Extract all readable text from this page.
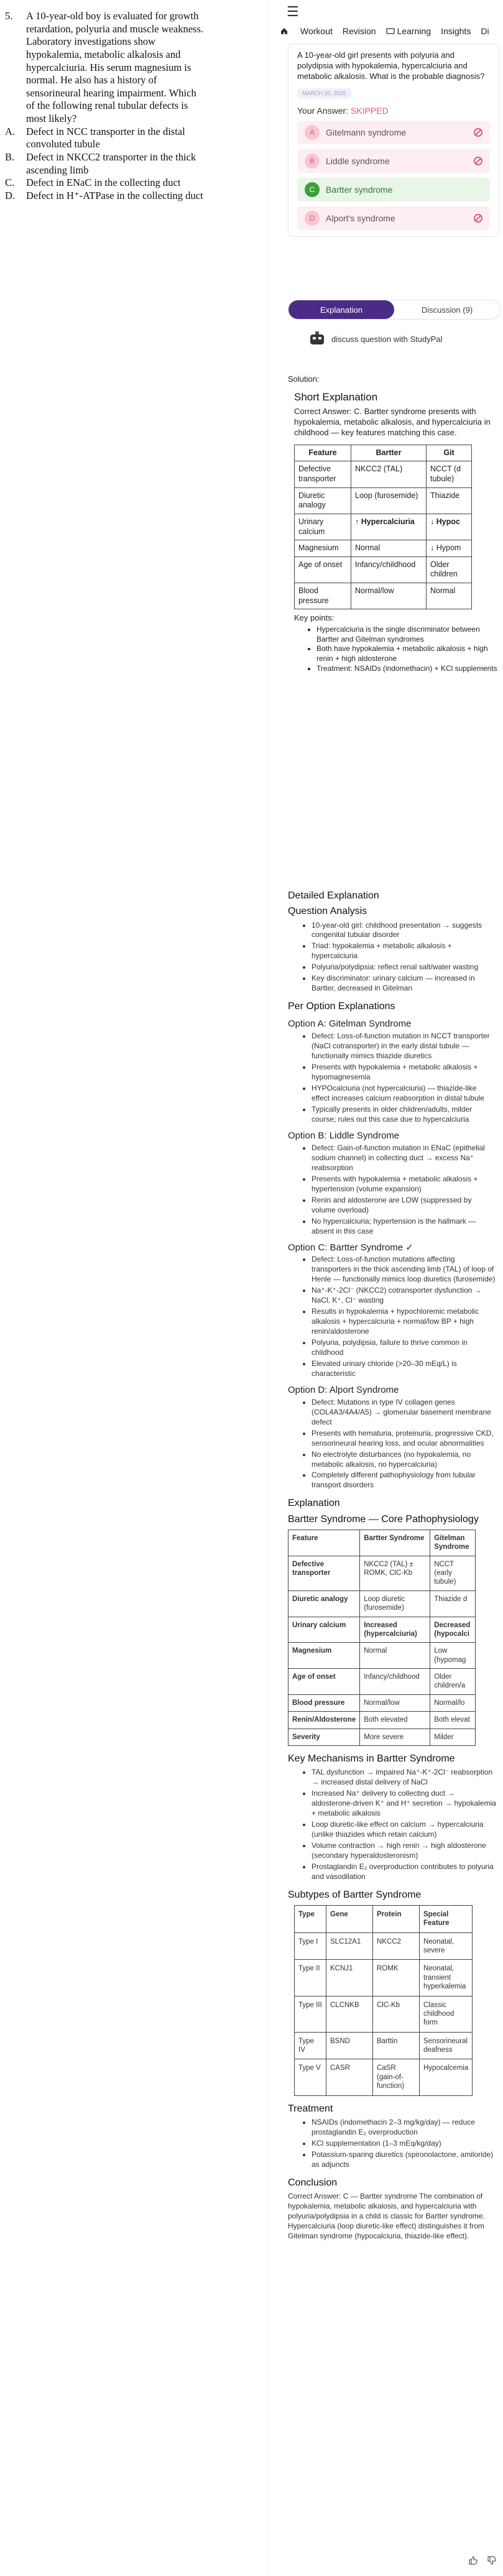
5.	A 10-year-old boy is evaluated for growth retardation, polyuria and muscle weakness. Laboratory investigations show hypokalemia, metabolic alkalosis and hypercalciuria. His serum magnesium is normal. He also has a history of sensorineural hearing impairment. Which of the following renal tubular defects is most likely?
A.	Defect in NCC transporter in the distal convoluted tubule
B.	Defect in NKCC2 transporter in the thick ascending limb
C.	Defect in ENaC in the collecting duct
D.	Defect in H⁺-ATPase in the collecting duct
☰
Workout	Revision	Learning	Insights	Di
A 10-year-old girl presents with polyuria and polydipsia with hypokalemia, hypercalciuria and metabolic alkalosis. What is the probable diagnosis?
MARCH 20, 2025
Your Answer: SKIPPED
A	Gitelmann syndrome
B	Liddle syndrome
C	Bartter syndrome
D	Alport's syndrome
Explanation	Discussion (9)
discuss question with StudyPal
Solution:
Short Explanation
Correct Answer: C. Bartter syndrome presents with hypokalemia, metabolic alkalosis, and hypercalciuria in childhood — key features matching this case.
Feature	Bartter	Git
Defective transporter	NKCC2 (TAL)	NCCT (d tubule)
Diuretic analogy	Loop (furosemide)	Thiazide
Urinary calcium	↑ Hypercalciuria	↓ Hypoc
Magnesium	Normal	↓ Hypom
Age of onset	Infancy/childhood	Older children
Blood pressure	Normal/low	Normal
Key points:
• Hypercalciuria is the single discriminator between Bartter and Gitelman syndromes
• Both have hypokalemia + metabolic alkalosis + high renin + high aldosterone
• Treatment: NSAIDs (indomethacin) + KCl supplements
Detailed Explanation
Question Analysis
• 10-year-old girl: childhood presentation → suggests congenital tubular disorder
• Triad: hypokalemia + metabolic alkalosis + hypercalciuria
• Polyuria/polydipsia: reflect renal salt/water wasting
• Key discriminator: urinary calcium — increased in Bartter, decreased in Gitelman
Per Option Explanations
Option A: Gitelman Syndrome
• Defect: Loss-of-function mutation in NCCT transporter (NaCl cotransporter) in the early distal tubule — functionally mimics thiazide diuretics
• Presents with hypokalemia + metabolic alkalosis + hypomagnesemia
• HYPOcalciuria (not hypercalciuria) — thiazide-like effect increases calcium reabsorption in distal tubule
• Typically presents in older children/adults, milder course; rules out this case due to hypercalciuria
Option B: Liddle Syndrome
• Defect: Gain-of-function mutation in ENaC (epithelial sodium channel) in collecting duct → excess Na⁺ reabsorption
• Presents with hypokalemia + metabolic alkalosis + hypertension (volume expansion)
• Renin and aldosterone are LOW (suppressed by volume overload)
• No hypercalciuria; hypertension is the hallmark — absent in this case
Option C: Bartter Syndrome ✓
• Defect: Loss-of-function mutations affecting transporters in the thick ascending limb (TAL) of loop of Henle — functionally mimics loop diuretics (furosemide)
• Na⁺-K⁺-2Cl⁻ (NKCC2) cotransporter dysfunction → NaCl, K⁺, Cl⁻ wasting
• Results in hypokalemia + hypochloremic metabolic alkalosis + hypercalciuria + normal/low BP + high renin/aldosterone
• Polyuria, polydipsia, failure to thrive common in childhood
• Elevated urinary chloride (>20–30 mEq/L) is characteristic
Option D: Alport Syndrome
• Defect: Mutations in type IV collagen genes (COL4A3/4A4/A5) → glomerular basement membrane defect
• Presents with hematuria, proteinuria, progressive CKD, sensorineural hearing loss, and ocular abnormalities
• No electrolyte disturbances (no hypokalemia, no metabolic alkalosis, no hypercalciuria)
• Completely different pathophysiology from tubular transport disorders
Explanation
Bartter Syndrome — Core Pathophysiology
Feature	Bartter Syndrome	Gitelman Syndrome
Defective transporter	NKCC2 (TAL) ± ROMK, ClC-Kb	NCCT (early tubule)
Diuretic analogy	Loop diuretic (furosemide)	Thiazide d
Urinary calcium	Increased (hypercalciuria)	Decreased (hypocalci
Magnesium	Normal	Low (hypomag
Age of onset	Infancy/childhood	Older children/a
Blood pressure	Normal/low	Normal/lo
Renin/Aldosterone	Both elevated	Both elevat
Severity	More severe	Milder
Key Mechanisms in Bartter Syndrome
• TAL dysfunction → impaired Na⁺-K⁺-2Cl⁻ reabsorption → increased distal delivery of NaCl
• Increased Na⁺ delivery to collecting duct → aldosterone-driven K⁺ and H⁺ secretion → hypokalemia + metabolic alkalosis
• Loop diuretic-like effect on calcium → hypercalciuria (unlike thiazides which retain calcium)
• Volume contraction → high renin → high aldosterone (secondary hyperaldosteronism)
• Prostaglandin E₂ overproduction contributes to polyuria and vasodilation
Subtypes of Bartter Syndrome
Type	Gene	Protein	Special Feature
Type I	SLC12A1	NKCC2	Neonatal, severe
Type II	KCNJ1	ROMK	Neonatal, transient hyperkalemia
Type III	CLCNKB	ClC-Kb	Classic childhood form
Type IV	BSND	Barttin	Sensorineural deafness
Type V	CASR	CaSR (gain-of-function)	Hypocalcemia
Treatment
• NSAIDs (indomethacin 2–3 mg/kg/day) — reduce prostaglandin E₂ overproduction
• KCl supplementation (1–3 mEq/kg/day)
• Potassium-sparing diuretics (spironolactone, amiloride) as adjuncts
Conclusion

Correct Answer: C — Bartter syndrome The combination of hypokalemia, metabolic alkalosis, and hypercalciuria with polyuria/polydipsia in a child is classic for Bartter syndrome. Hypercalciuria (loop diuretic-like effect) distinguishes it from Gitelman syndrome (hypocalciuria, thiazide-like effect).
